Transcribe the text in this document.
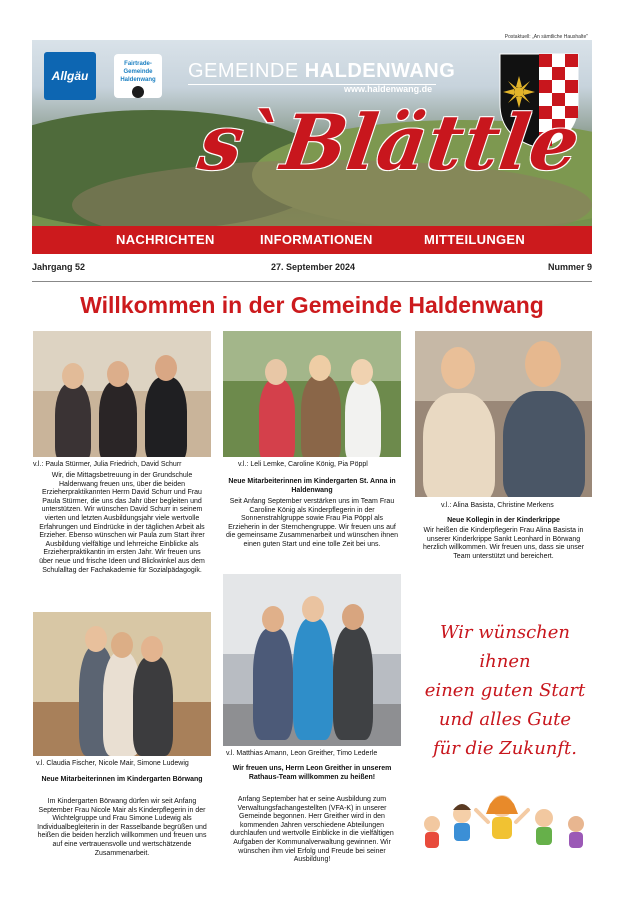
Postaktuell: „An sämtliche Haushalte"
Allgäu
Fairtrade-Gemeinde Haldenwang	GEMEINDE HALDENWANG
www.haldenwang.de
s`Blättle
NACHRICHTEN	INFORMATIONEN	MITTEILUNGEN
Jahrgang 52	27. September 2024	Nummer 9
Willkommen in der Gemeinde Haldenwang
v.l.: Paula Stürmer, Julia Friedrich, David Schurr
Wir, die Mittagsbetreuung in der Grundschule Haldenwang freuen uns, über die beiden Erzieherpraktikannten Herrn David Schurr und Frau Paula Stürmer, die uns das Jahr über begleiten und unterstützen. Wir wünschen David Schurr in seinem vierten und letzten Ausbildungsjahr viele wertvolle Erfahrungen und Eindrücke in der täglichen Arbeit als Erzieher. Ebenso wünschen wir Paula zum Start ihrer Ausbildung vielfältige und lehrreiche Einblicke als Erzieherpraktikantin im ersten Jahr. Wir freuen uns über neue und frische Ideen und Blickwinkel aus dem Schulalltag der Fachakademie für Sozialpädagogik.
v.l.: Leli Lemke, Caroline König, Pia Pöppl
Neue Mitarbeiterinnen im Kindergarten St. Anna in Haldenwang
Seit Anfang September verstärken uns im Team Frau Caroline König als Kinderpflegerin in der Sonnenstrahlgruppe sowie Frau Pia Pöppl als Erzieherin in der Sternchengruppe. Wir freuen uns auf die gemeinsame Zusammenarbeit und wünschen ihnen einen guten Start und eine tolle Zeit bei uns.
v.l.: Alina Basista, Christine Merkens
Neue Kollegin in der Kinderkrippe
Wir heißen die Kinderpflegerin Frau Alina Basista in unserer Kinderkrippe Sankt Leonhard in Börwang herzlich willkommen. Wir freuen uns, dass sie unser Team unterstützt und bereichert.
v.l. Claudia Fischer, Nicole Mair, Simone Ludewig
Neue Mitarbeiterinnen im Kindergarten Börwang
Im Kindergarten Börwang dürfen wir seit Anfang September Frau Nicole Mair als Kinderpflegerin in der Wichtelgruppe und Frau Simone Ludewig als Individualbegleiterin in der Rasselbande begrüßen und heißen die beiden herzlich willkommen und freuen uns auf eine vertrauensvolle und wertschätzende Zusammenarbeit.
v.l. Matthias Amann, Leon Greither, Timo Lederle
Wir freuen uns, Herrn Leon Greither in unserem Rathaus-Team willkommen zu heißen!
Anfang September hat er seine Ausbildung zum Verwaltungsfachangestellten (VFA-K) in unserer Gemeinde begonnen. Herr Greither wird in den kommenden Jahren verschiedene Abteilungen durchlaufen und wertvolle Einblicke in die vielfältigen Aufgaben der Kommunalverwaltung gewinnen. Wir wünschen ihm viel Erfolg und Freude bei seiner Ausbildung!
Wir wünschen ihnen
einen guten Start
und alles Gute
für die Zukunft.
